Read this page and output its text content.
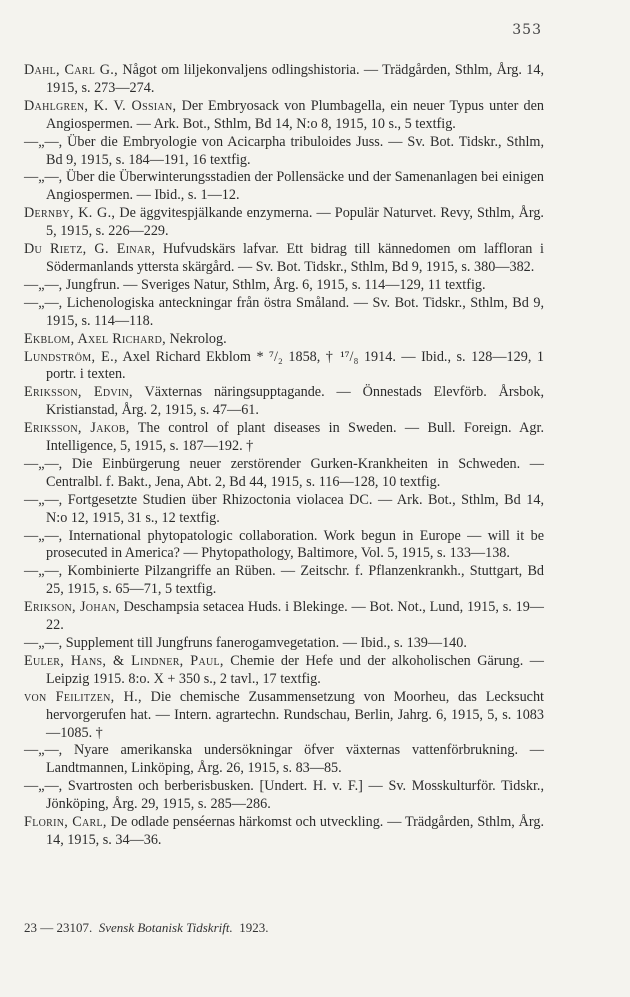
353

Dahl, Carl G., Något om liljekonvaljens odlingshistoria. — Trädgården, Sthlm, Årg. 14, 1915, s. 273—274.

Dahlgren, K. V. Ossian, Der Embryosack von Plumbagella, ein neuer Typus unter den Angiospermen. — Ark. Bot., Sthlm, Bd 14, N:o 8, 1915, 10 s., 5 textfig.

—„—, Über die Embryologie von Acicarpha tribuloides Juss. — Sv. Bot. Tidskr., Sthlm, Bd 9, 1915, s. 184—191, 16 textfig.

—„—, Über die Überwinterungsstadien der Pollensäcke und der Samenanlagen bei einigen Angiospermen. — Ibid., s. 1—12.

Dernby, K. G., De äggvitespjälkande enzymerna. — Populär Naturvet. Revy, Sthlm, Årg. 5, 1915, s. 226—229.

Du Rietz, G. Einar, Hufvudskärs lafvar. Ett bidrag till kännedomen om laffloran i Södermanlands yttersta skärgård. — Sv. Bot. Tidskr., Sthlm, Bd 9, 1915, s. 380—382.

—„—, Jungfrun. — Sveriges Natur, Sthlm, Årg. 6, 1915, s. 114—129, 11 textfig.

—„—, Lichenologiska anteckningar från östra Småland. — Sv. Bot. Tidskr., Sthlm, Bd 9, 1915, s. 114—118.

Ekblom, Axel Richard, Nekrolog.

Lundström, E., Axel Richard Ekblom * ⁷/₂ 1858, † ¹⁷/₈ 1914. — Ibid., s. 128—129, 1 portr. i texten.

Eriksson, Edvin, Växternas näringsupptagande. — Önnestads Elevförb. Årsbok, Kristianstad, Årg. 2, 1915, s. 47—61.

Eriksson, Jakob, The control of plant diseases in Sweden. — Bull. Foreign. Agr. Intelligence, 5, 1915, s. 187—192. †

—„—, Die Einbürgerung neuer zerstörender Gurken-Krankheiten in Schweden. — Centralbl. f. Bakt., Jena, Abt. 2, Bd 44, 1915, s. 116—128, 10 textfig.

—„—, Fortgesetzte Studien über Rhizoctonia violacea DC. — Ark. Bot., Sthlm, Bd 14, N:o 12, 1915, 31 s., 12 textfig.

—„—, International phytopatologic collaboration. Work begun in Europe — will it be prosecuted in America? — Phytopathology, Baltimore, Vol. 5, 1915, s. 133—138.

—„—, Kombinierte Pilzangriffe an Rüben. — Zeitschr. f. Pflanzenkrankh., Stuttgart, Bd 25, 1915, s. 65—71, 5 textfig.

Erikson, Johan, Deschampsia setacea Huds. i Blekinge. — Bot. Not., Lund, 1915, s. 19—22.

—„—, Supplement till Jungfruns fanerogamvegetation. — Ibid., s. 139—140.

Euler, Hans, & Lindner, Paul, Chemie der Hefe und der alkoholischen Gärung. — Leipzig 1915. 8:o. X + 350 s., 2 tavl., 17 textfig.

von Feilitzen, H., Die chemische Zusammensetzung von Moorheu, das Lecksucht hervorgerufen hat. — Intern. agrartechn. Rundschau, Berlin, Jahrg. 6, 1915, 5, s. 1083—1085. †

—„—, Nyare amerikanska undersökningar öfver växternas vattenförbrukning. — Landtmannen, Linköping, Årg. 26, 1915, s. 83—85.

—„—, Svartrosten och berberisbusken. [Undert. H. v. F.] — Sv. Mosskulturför. Tidskr., Jönköping, Årg. 29, 1915, s. 285—286.

Florin, Carl, De odlade penséernas härkomst och utveckling. — Trädgården, Sthlm, Årg. 14, 1915, s. 34—36.

23 — 23107. Svensk Botanisk Tidskrift. 1923.
